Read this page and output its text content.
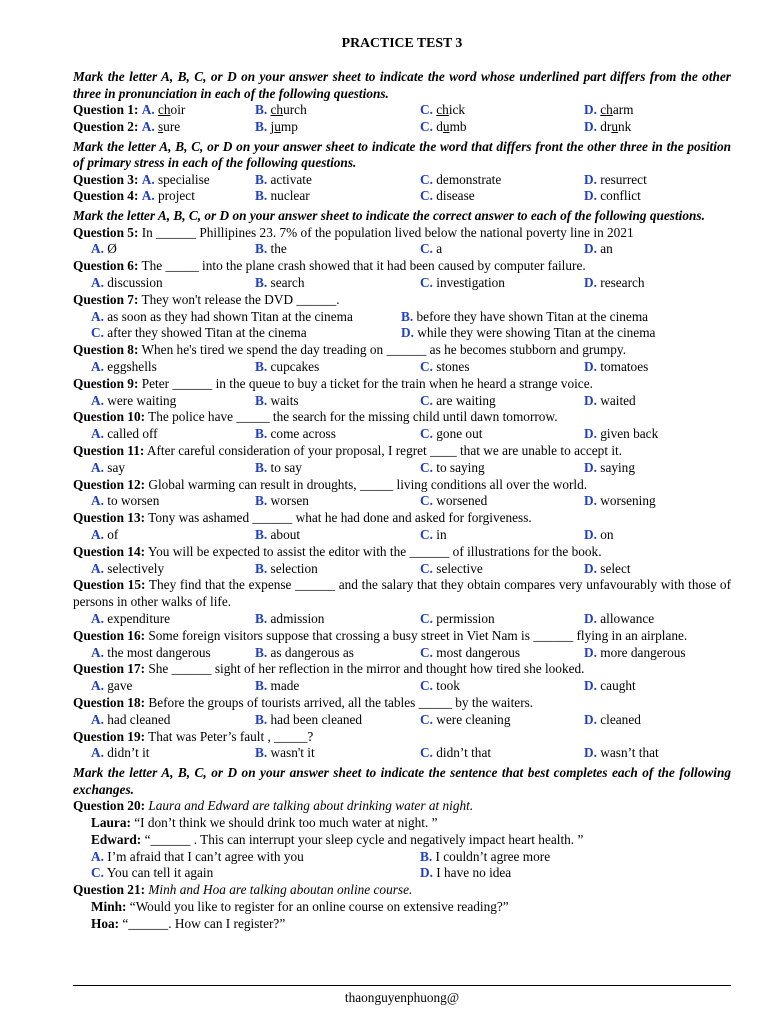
PRACTICE TEST 3
Mark the letter A, B, C, or D on your answer sheet to indicate the word whose underlined part differs from the other three in pronunciation in each of the following questions.
Question 1: A. choir	B. church	C. chick	D. charm
Question 2: A. sure	B. jump	C. dumb	D. drunk
Mark the letter A, B, C, or D on your answer sheet to indicate the word that differs front the other three in the position of primary stress in each of the following questions.
Question 3: A. specialise	B. activate	C. demonstrate	D. resurrect
Question 4: A. project	B. nuclear	C. disease	D. conflict
Mark the letter A, B, C, or D on your answer sheet to indicate the correct answer to each of the following questions.
Question 5: In ______ Phillipines 23. 7% of the population lived below the national poverty line in 2021
A. Ø	B. the	C. a	D. an
Question 6: The _____ into the plane crash showed that it had been caused by computer failure.
A. discussion	B. search	C. investigation	D. research
Question 7: They won't release the DVD ______.
A. as soon as they had shown Titan at the cinema	B. before they have shown Titan at the cinema
C. after they showed Titan at the cinema	D. while they were showing Titan at the cinema
Question 8: When he's tired we spend the day treading on ______ as he becomes stubborn and grumpy.
A. eggshells	B. cupcakes	C. stones	D. tomatoes
Question 9: Peter ______ in the queue to buy a ticket for the train when he heard a strange voice.
A. were waiting	B. waits	C. are waiting	D. waited
Question 10: The police have _____ the search for the missing child until dawn tomorrow.
A. called off	B. come across	C. gone out	D. given back
Question 11: After careful consideration of your proposal, I regret ____ that we are unable to accept it.
A. say	B. to say	C. to saying	D. saying
Question 12: Global warming can result in droughts, _____ living conditions all over the world.
A. to worsen	B. worsen	C. worsened	D. worsening
Question 13: Tony was ashamed ______ what he had done and asked for forgiveness.
A. of	B. about	C. in	D. on
Question 14: You will be expected to assist the editor with the ______ of illustrations for the book.
A. selectively	B. selection	C. selective	D. select
Question 15: They find that the expense ______ and the salary that they obtain compares very unfavourably with those of persons in other walks of life.
A. expenditure	B. admission	C. permission	D. allowance
Question 16: Some foreign visitors suppose that crossing a busy street in Viet Nam is ______ flying in an airplane.
A. the most dangerous	B. as dangerous as	C. most dangerous	D. more dangerous
Question 17: She ______ sight of her reflection in the mirror and thought how tired she looked.
A. gave	B. made	C. took	D. caught
Question 18: Before the groups of tourists arrived, all the tables _____ by the waiters.
A. had cleaned	B. had been cleaned	C. were cleaning	D. cleaned
Question 19: That was Peter’s fault , _____?
A. didn’t it	B. wasn't it	C. didn’t that	D. wasn’t that
Mark the letter A, B, C, or D on your answer sheet to indicate the sentence that best completes each of the following exchanges.
Question 20: Laura and Edward are talking about drinking water at night.
Laura: “I don’t think we should drink too much water at night. ”
Edward: “______ . This can interrupt your sleep cycle and negatively impact heart health. ”
A. I’m afraid that I can’t agree with you	B. I couldn’t agree more
C. You can tell it again	D. I have no idea
Question 21: Minh and Hoa are talking aboutan online course.
Minh: “Would you like to register for an online course on extensive reading?”
Hoa: “______. How can I register?”
thaonguyenphuong@
